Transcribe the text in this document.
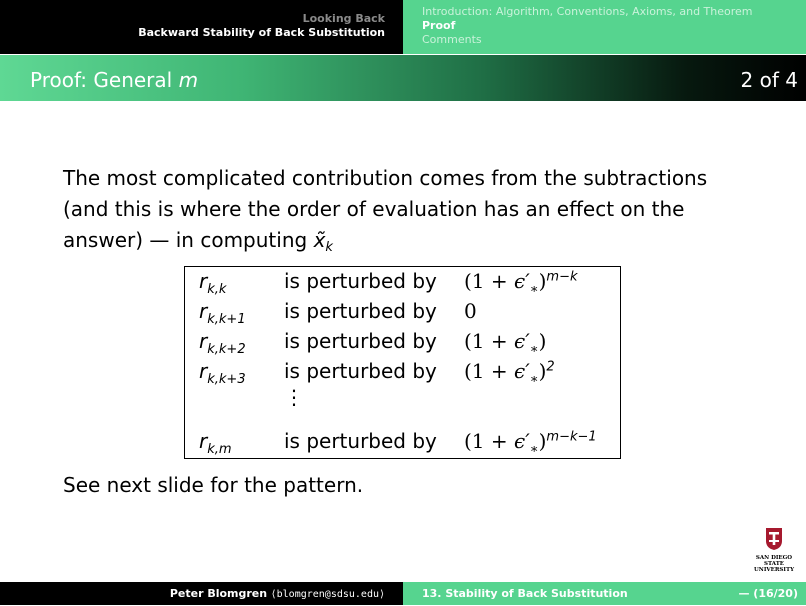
Looking Back
Backward Stability of Back Substitution
Introduction: Algorithm, Conventions, Axioms, and Theorem
Proof
Comments
Proof: General m	2 of 4
The most complicated contribution comes from the subtractions
(and this is where the order of evaluation has an effect on the
answer) — in computing $x̃_k$
$r_{k,k}$	is perturbed by $(1 + \epsilon'_∗)^{m-k}$
$r_{k,k+1}$ is perturbed by 0
$r_{k,k+2}$ is perturbed by $(1 + \epsilon'_∗)$
$r_{k,k+3}$ is perturbed by $(1 + \epsilon'_∗)^2$
⋮
$r_{k,m}$	is perturbed by $(1 + \epsilon'_∗)^{m-k-1}$
See next slide for the pattern.
SAN DIEGO STATE
UNIVERSITY
Peter Blomgren ⟨blomgren@sdsu.edu⟩	13. Stability of Back Substitution	— (16/20)
